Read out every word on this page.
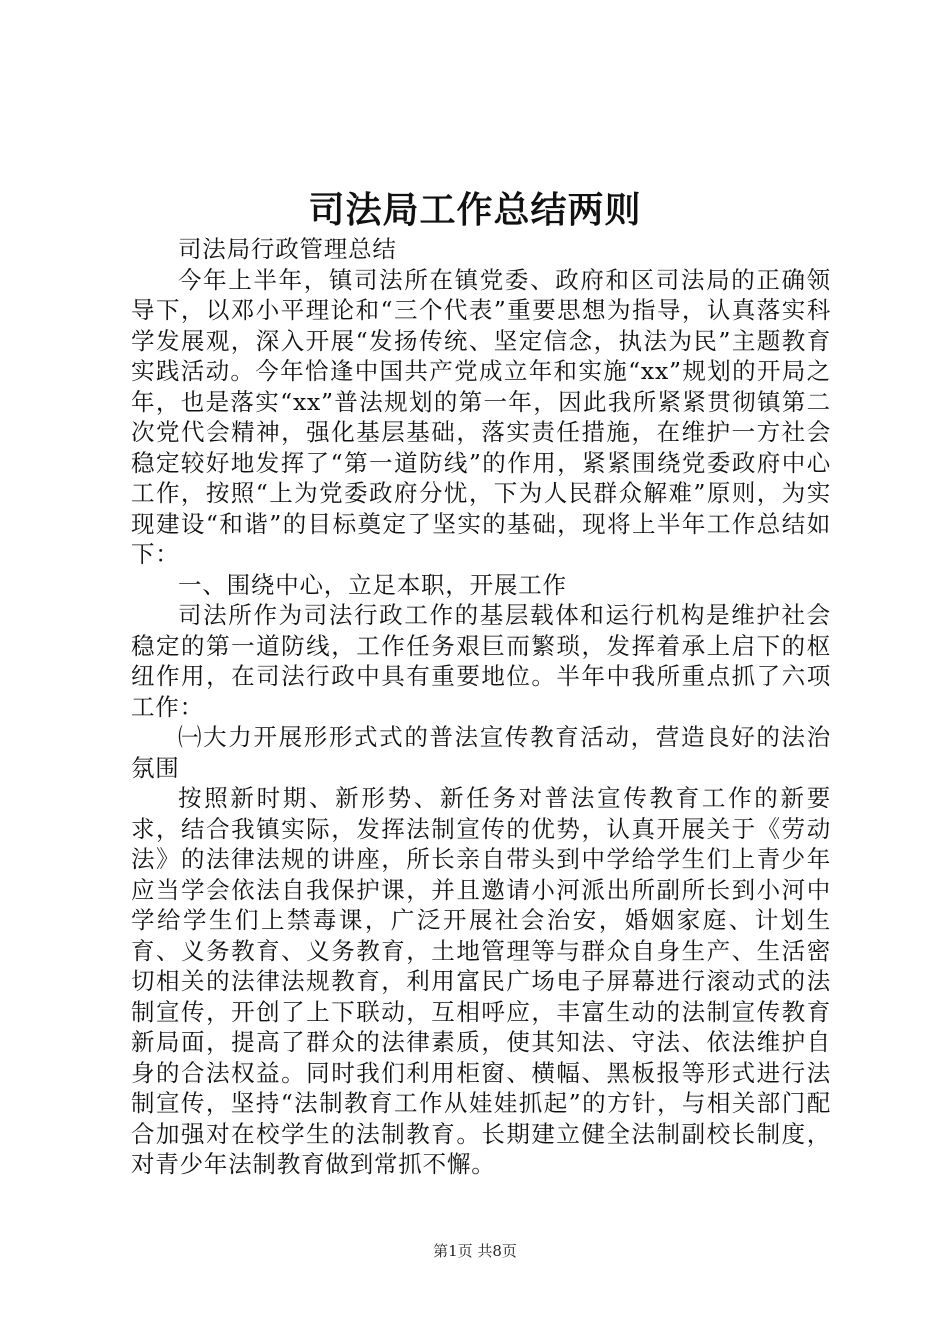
司法局工作总结两则

司法局行政管理总结

今年上半年，镇司法所在镇党委、政府和区司法局的正确领导下，以邓小平理论和“三个代表”重要思想为指导，认真落实科学发展观，深入开展“发扬传统、坚定信念，执法为民”主题教育实践活动。今年恰逢中国共产党成立年和实施“xx”规划的开局之年，也是落实“xx”普法规划的第一年，因此我所紧紧贯彻镇第二次党代会精神，强化基层基础，落实责任措施，在维护一方社会稳定较好地发挥了“第一道防线”的作用，紧紧围绕党委政府中心工作，按照“上为党委政府分忧，下为人民群众解难”原则，为实现建设“和谐”的目标奠定了坚实的基础，现将上半年工作总结如下：

一、围绕中心，立足本职，开展工作

司法所作为司法行政工作的基层载体和运行机构是维护社会稳定的第一道防线，工作任务艰巨而繁琐，发挥着承上启下的枢纽作用，在司法行政中具有重要地位。半年中我所重点抓了六项工作：

㈠大力开展形形式式的普法宣传教育活动，营造良好的法治氛围

按照新时期、新形势、新任务对普法宣传教育工作的新要求，结合我镇实际，发挥法制宣传的优势，认真开展关于《劳动法》的法律法规的讲座，所长亲自带头到中学给学生们上青少年应当学会依法自我保护课，并且邀请小河派出所副所长到小河中学给学生们上禁毒课，广泛开展社会治安，婚姻家庭、计划生育、义务教育、义务教育，土地管理等与群众自身生产、生活密切相关的法律法规教育，利用富民广场电子屏幕进行滚动式的法制宣传，开创了上下联动，互相呼应，丰富生动的法制宣传教育新局面，提高了群众的法律素质，使其知法、守法、依法维护自身的合法权益。同时我们利用柜窗、横幅、黑板报等形式进行法制宣传，坚持“法制教育工作从娃娃抓起”的方针，与相关部门配合加强对在校学生的法制教育。长期建立健全法制副校长制度，对青少年法制教育做到常抓不懈。

第1页 共8页
